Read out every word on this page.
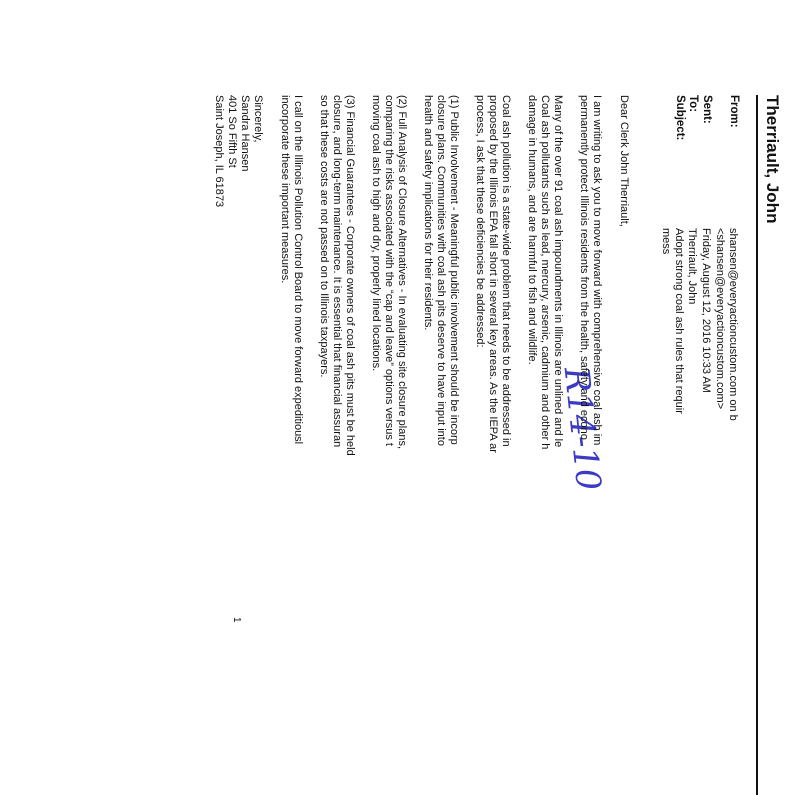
Therriault, John
From:
shansen@everyactioncustom.com on b
<shansen@everyactioncustom.com>
Sent:
Friday, August 12, 2016 10:33 AM
To:
Therriault, John
Subject:
Adopt strong coal ash rules that requir
mess
R14-10
Dear Clerk John Therriault,
I am writing to ask you to move forward with comprehensive coal ash im
permanently protect Illinois residents from the health, safety and econo
Many of the over 91 coal ash impoundments in Illinois are unlined and le
Coal ash pollutants such as lead, mercury, arsenic, cadmium and other h
damage in humans, and are harmful to fish and wildlife.
Coal ash pollution is a state-wide problem that needs to be addressed in
proposed by the Illinois EPA fall short in several key areas. As the IEPA ar
process, I ask that these deficiencies be addressed:
(1) Public Involvement - Meaningful public involvement should be incorp
closure plans. Communities with coal ash pits deserve to have input into
health and safety implications for their residents.
(2) Full Analysis of Closure Alternatives - In evaluating site closure plans,
comparing the risks associated with the “cap and leave” options versus t
moving coal ash to high and dry, properly lined locations.
(3) Financial Guarantees - Corporate owners of coal ash pits must be held
closure, and long-term maintenance. It is essential that financial assuran
so that these costs are not passed on to Illinois taxpayers.
I call on the Illinois Pollution Control Board to move forward expeditiousl
incorporate these important measures.
Sincerely,
Sandra Hansen
401 So Fifth St
Saint Joseph, IL 61873
1
